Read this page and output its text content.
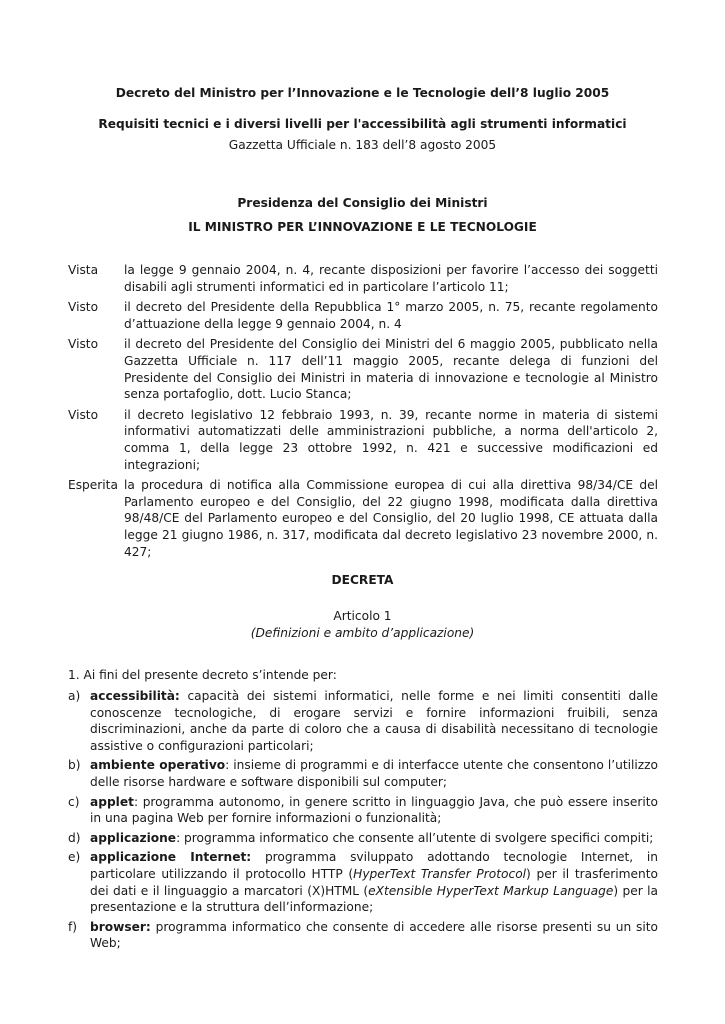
Decreto del Ministro per l’Innovazione e le Tecnologie dell’8 luglio 2005
Requisiti tecnici e i diversi livelli per l'accessibilità agli strumenti informatici
Gazzetta Ufficiale n. 183 dell’8 agosto 2005
Presidenza del Consiglio dei Ministri
IL MINISTRO PER L’INNOVAZIONE E LE TECNOLOGIE
Vista	la legge 9 gennaio 2004, n. 4, recante disposizioni per favorire l’accesso dei soggetti disabili agli strumenti informatici ed in particolare l’articolo 11;
Visto	il decreto del Presidente della Repubblica 1° marzo 2005, n. 75, recante regolamento d’attuazione della legge 9 gennaio 2004, n. 4
Visto	il decreto del Presidente del Consiglio dei Ministri del 6 maggio 2005, pubblicato nella Gazzetta Ufficiale n. 117 dell’11 maggio 2005, recante delega di funzioni del Presidente del Consiglio dei Ministri in materia di innovazione e tecnologie al Ministro senza portafoglio, dott. Lucio Stanca;
Visto	il decreto legislativo 12 febbraio 1993, n. 39, recante norme in materia di sistemi informativi automatizzati delle amministrazioni pubbliche, a norma dell'articolo 2, comma 1, della legge 23 ottobre 1992, n. 421 e successive modificazioni ed integrazioni;
Esperita la procedura di notifica alla Commissione europea di cui alla direttiva 98/34/CE del Parlamento europeo e del Consiglio, del 22 giugno 1998, modificata dalla direttiva 98/48/CE del Parlamento europeo e del Consiglio, del 20 luglio 1998, CE attuata dalla legge 21 giugno 1986, n. 317, modificata dal decreto legislativo 23 novembre 2000, n. 427;
DECRETA
Articolo 1
(Definizioni e ambito d’applicazione)
1. Ai fini del presente decreto s’intende per:
a) accessibilità: capacità dei sistemi informatici, nelle forme e nei limiti consentiti dalle conoscenze tecnologiche, di erogare servizi e fornire informazioni fruibili, senza discriminazioni, anche da parte di coloro che a causa di disabilità necessitano di tecnologie assistive o configurazioni particolari;
b) ambiente operativo: insieme di programmi e di interfacce utente che consentono l’utilizzo delle risorse hardware e software disponibili sul computer;
c) applet: programma autonomo, in genere scritto in linguaggio Java, che può essere inserito in una pagina Web per fornire informazioni o funzionalità;
d) applicazione: programma informatico che consente all’utente di svolgere specifici compiti;
e) applicazione Internet: programma sviluppato adottando tecnologie Internet, in particolare utilizzando il protocollo HTTP (HyperText Transfer Protocol) per il trasferimento dei dati e il linguaggio a marcatori (X)HTML (eXtensible HyperText Markup Language) per la presentazione e la struttura dell’informazione;
f)	browser: programma informatico che consente di accedere alle risorse presenti su un sito Web;
